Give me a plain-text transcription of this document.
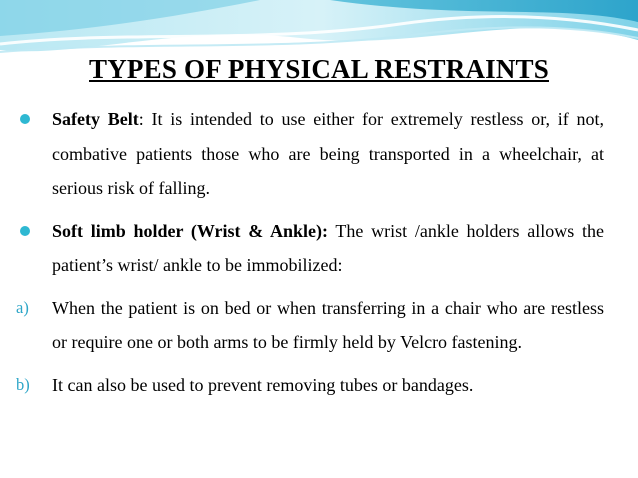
TYPES OF PHYSICAL RESTRAINTS

Safety Belt: It is intended to use either for extremely restless or, if not, combative patients those who are being transported in a wheelchair, at serious risk of falling.

Soft limb holder (Wrist & Ankle): The wrist /ankle holders allows the patient’s wrist/ ankle to be immobilized:

a) When the patient is on bed or when transferring in a chair who are restless or require one or both arms to be firmly held by Velcro fastening.

b) It can also be used to prevent removing tubes or bandages.
